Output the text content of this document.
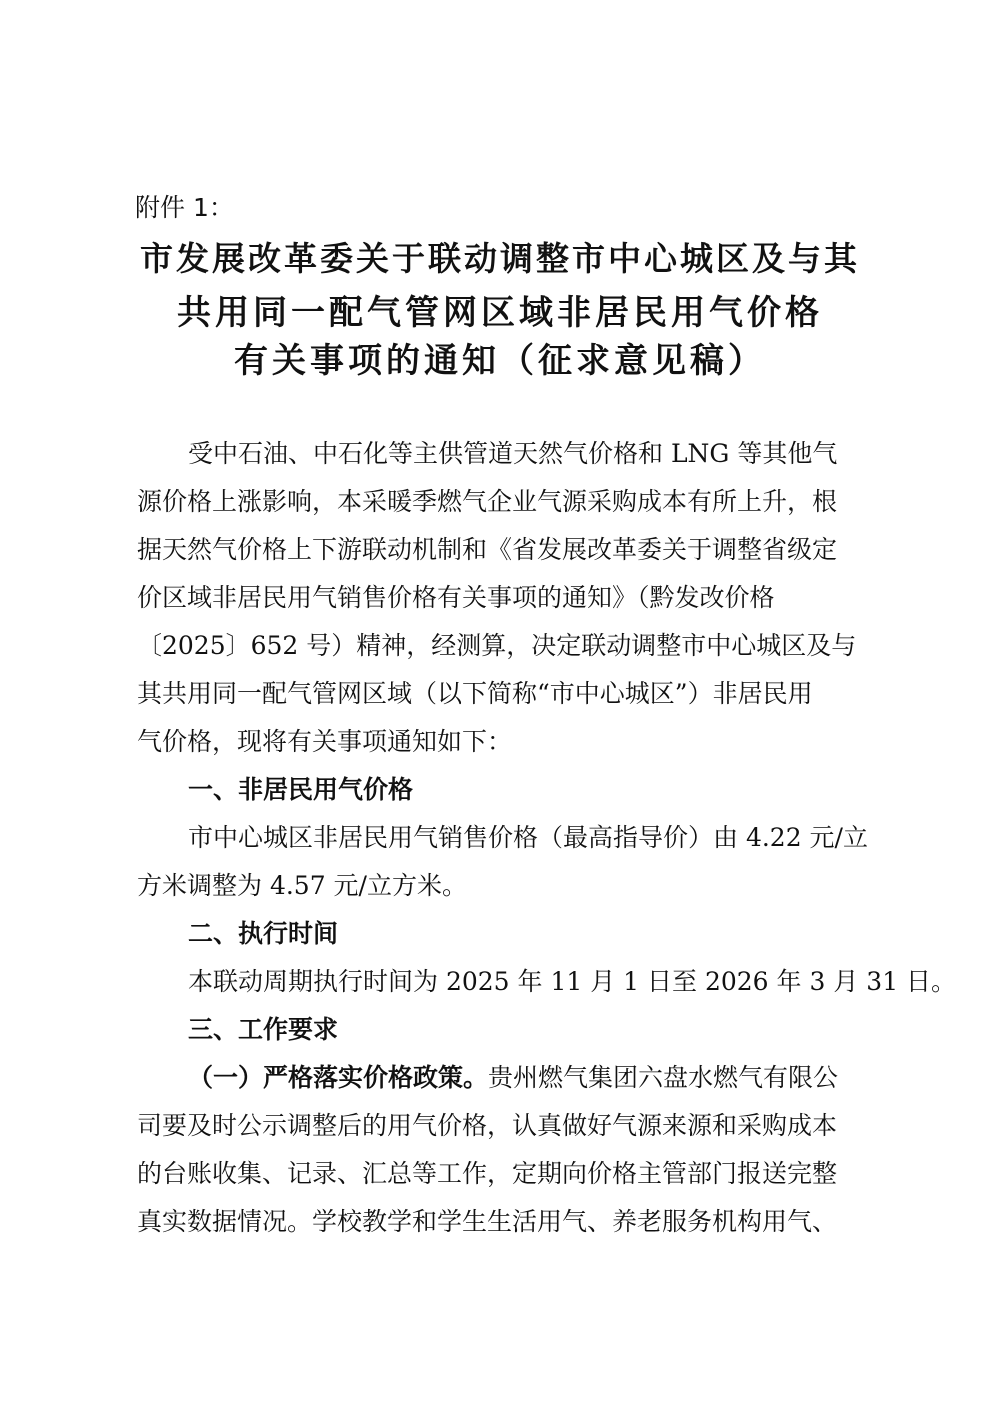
附件 1：
市发展改革委关于联动调整市中心城区及与其
共用同一配气管网区域非居民用气价格
有关事项的通知（征求意见稿）
受中石油、中石化等主供管道天然气价格和 LNG 等其他气
源价格上涨影响，本采暖季燃气企业气源采购成本有所上升，根
据天然气价格上下游联动机制和《省发展改革委关于调整省级定
价区域非居民用气销售价格有关事项的通知》（黔发改价格
〔2025〕652 号）精神，经测算，决定联动调整市中心城区及与
其共用同一配气管网区域（以下简称“市中心城区”）非居民用
气价格，现将有关事项通知如下：
一、非居民用气价格
市中心城区非居民用气销售价格（最高指导价）由 4.22 元/立
方米调整为 4.57 元/立方米。
二、执行时间
本联动周期执行时间为 2025 年 11 月 1 日至 2026 年 3 月 31 日。
三、工作要求
（一）严格落实价格政策。贵州燃气集团六盘水燃气有限公
司要及时公示调整后的用气价格，认真做好气源来源和采购成本
的台账收集、记录、汇总等工作，定期向价格主管部门报送完整
真实数据情况。学校教学和学生生活用气、养老服务机构用气、
